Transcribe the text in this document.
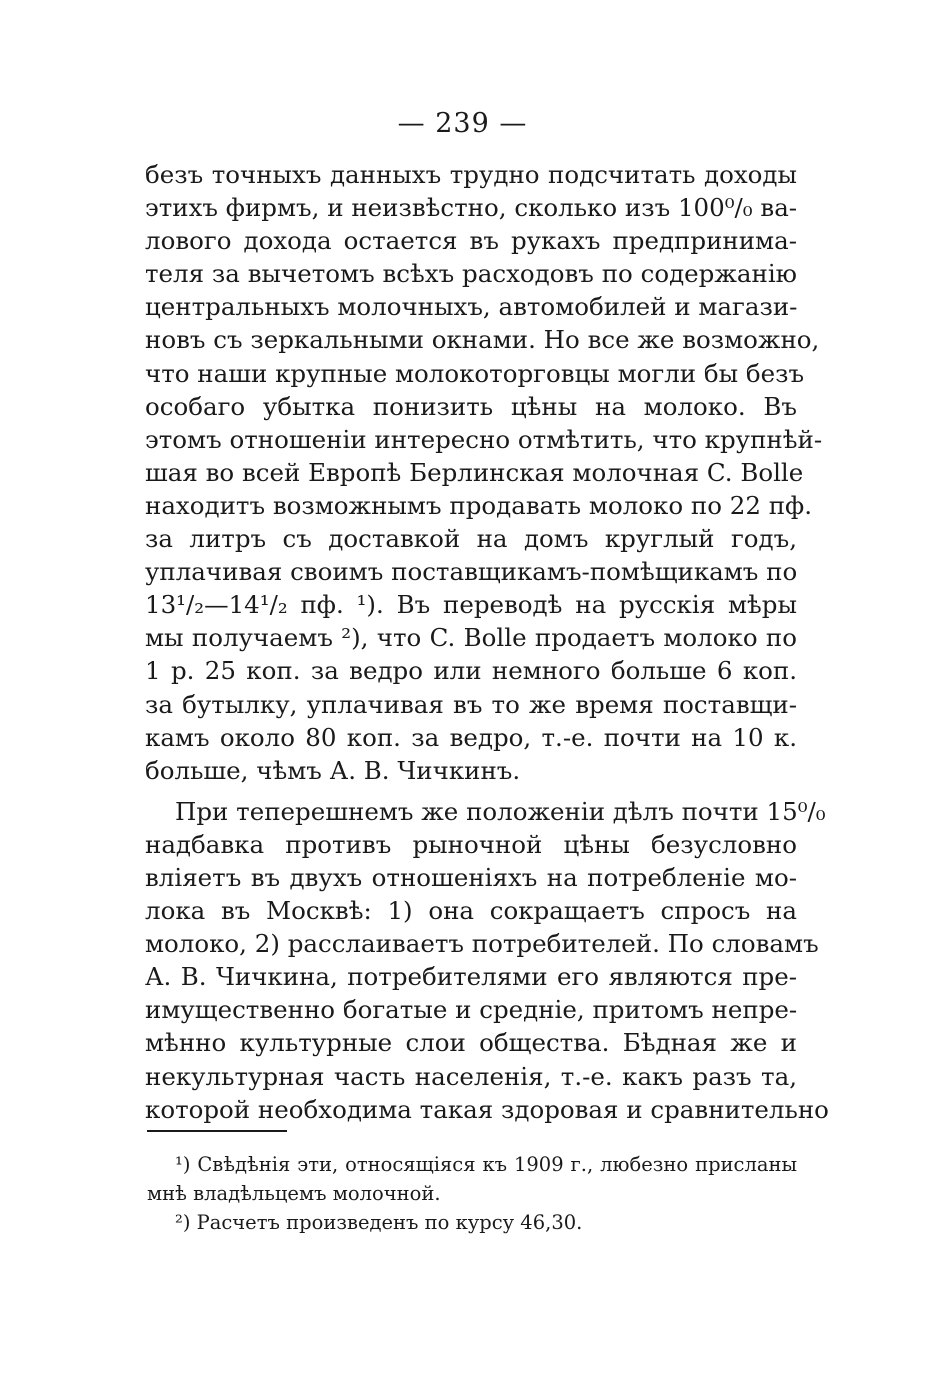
— 239 —
безъ точныхъ данныхъ трудно подсчитать доходы
этихъ фирмъ, и неизвѣстно, сколько изъ 100⁰/₀ ва-
лового дохода остается въ рукахъ предпринима-
теля за вычетомъ всѣхъ расходовъ по содержанію
центральныхъ молочныхъ, автомобилей и магази-
новъ съ зеркальными окнами. Но все же возможно,
что наши крупные молокоторговцы могли бы безъ
особаго убытка понизить цѣны на молоко. Въ
этомъ отношеніи интересно отмѣтить, что крупнѣй-
шая во всей Европѣ Берлинская молочная C. Bolle
находитъ возможнымъ продавать молоко по 22 пф.
за литръ съ доставкой на домъ круглый годъ,
уплачивая своимъ поставщикамъ-помѣщикамъ по
13¹/₂—14¹/₂ пф. ¹). Въ переводѣ на русскія мѣры
мы получаемъ ²), что C. Bolle продаетъ молоко по
1 р. 25 коп. за ведро или немного больше 6 коп.
за бутылку, уплачивая въ то же время поставщи-
камъ около 80 коп. за ведро, т.-е. почти на 10 к.
больше, чѣмъ А. В. Чичкинъ.
При теперешнемъ же положеніи дѣлъ почти 15⁰/₀
надбавка противъ рыночной цѣны безусловно
вліяетъ въ двухъ отношеніяхъ на потребленіе мо-
лока въ Москвѣ: 1) она сокращаетъ спросъ на
молоко, 2) расслаиваетъ потребителей. По словамъ
А. В. Чичкина, потребителями его являются пре-
имущественно богатые и средніе, притомъ непре-
мѣнно культурные слои общества. Бѣдная же и
некультурная часть населенія, т.-е. какъ разъ та,
которой необходима такая здоровая и сравнительно
¹) Свѣдѣнія эти, относящіяся къ 1909 г., любезно присланы
мнѣ владѣльцемъ молочной.
²) Расчетъ произведенъ по курсу 46,30.
